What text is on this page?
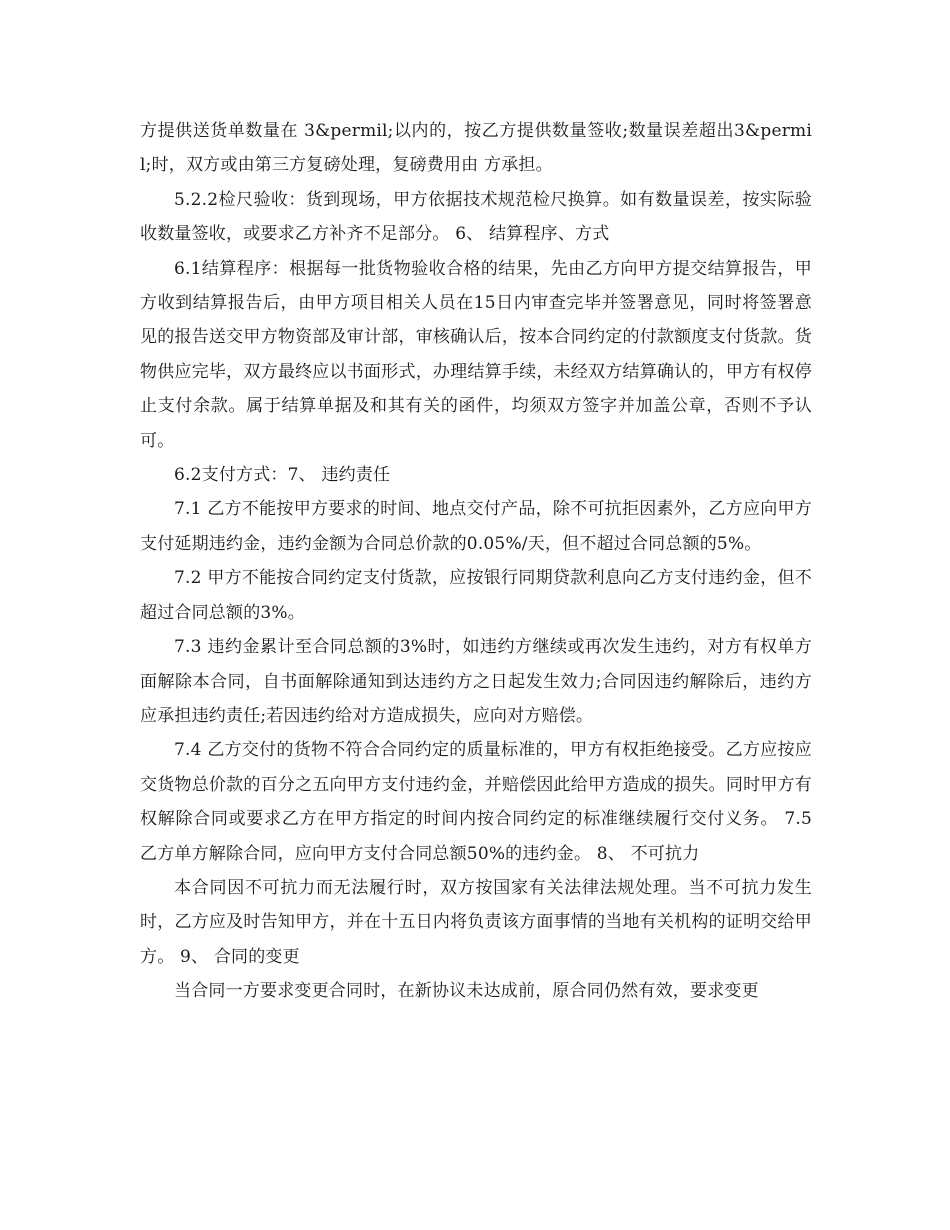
方提供送货单数量在 3&permil;以内的，按乙方提供数量签收;数量误差超出3&permil;时，双方或由第三方复磅处理，复磅费用由 方承担。

5.2.2检尺验收：货到现场，甲方依据技术规范检尺换算。如有数量误差，按实际验收数量签收，或要求乙方补齐不足部分。 6、 结算程序、方式

6.1结算程序：根据每一批货物验收合格的结果，先由乙方向甲方提交结算报告，甲方收到结算报告后，由甲方项目相关人员在15日内审查完毕并签署意见，同时将签署意见的报告送交甲方物资部及审计部，审核确认后，按本合同约定的付款额度支付货款。货物供应完毕，双方最终应以书面形式，办理结算手续，未经双方结算确认的，甲方有权停止支付余款。属于结算单据及和其有关的函件，均须双方签字并加盖公章，否则不予认可。

6.2支付方式：7、 违约责任

7.1 乙方不能按甲方要求的时间、地点交付产品，除不可抗拒因素外，乙方应向甲方支付延期违约金，违约金额为合同总价款的0.05%/天，但不超过合同总额的5%。

7.2 甲方不能按合同约定支付货款，应按银行同期贷款利息向乙方支付违约金，但不超过合同总额的3%。

7.3 违约金累计至合同总额的3%时，如违约方继续或再次发生违约，对方有权单方面解除本合同，自书面解除通知到达违约方之日起发生效力;合同因违约解除后，违约方应承担违约责任;若因违约给对方造成损失，应向对方赔偿。

7.4 乙方交付的货物不符合合同约定的质量标准的，甲方有权拒绝接受。乙方应按应交货物总价款的百分之五向甲方支付违约金，并赔偿因此给甲方造成的损失。同时甲方有权解除合同或要求乙方在甲方指定的时间内按合同约定的标准继续履行交付义务。 7.5 乙方单方解除合同，应向甲方支付合同总额50%的违约金。 8、 不可抗力

本合同因不可抗力而无法履行时，双方按国家有关法律法规处理。当不可抗力发生时，乙方应及时告知甲方，并在十五日内将负责该方面事情的当地有关机构的证明交给甲方。 9、 合同的变更

当合同一方要求变更合同时，在新协议未达成前，原合同仍然有效，要求变更
